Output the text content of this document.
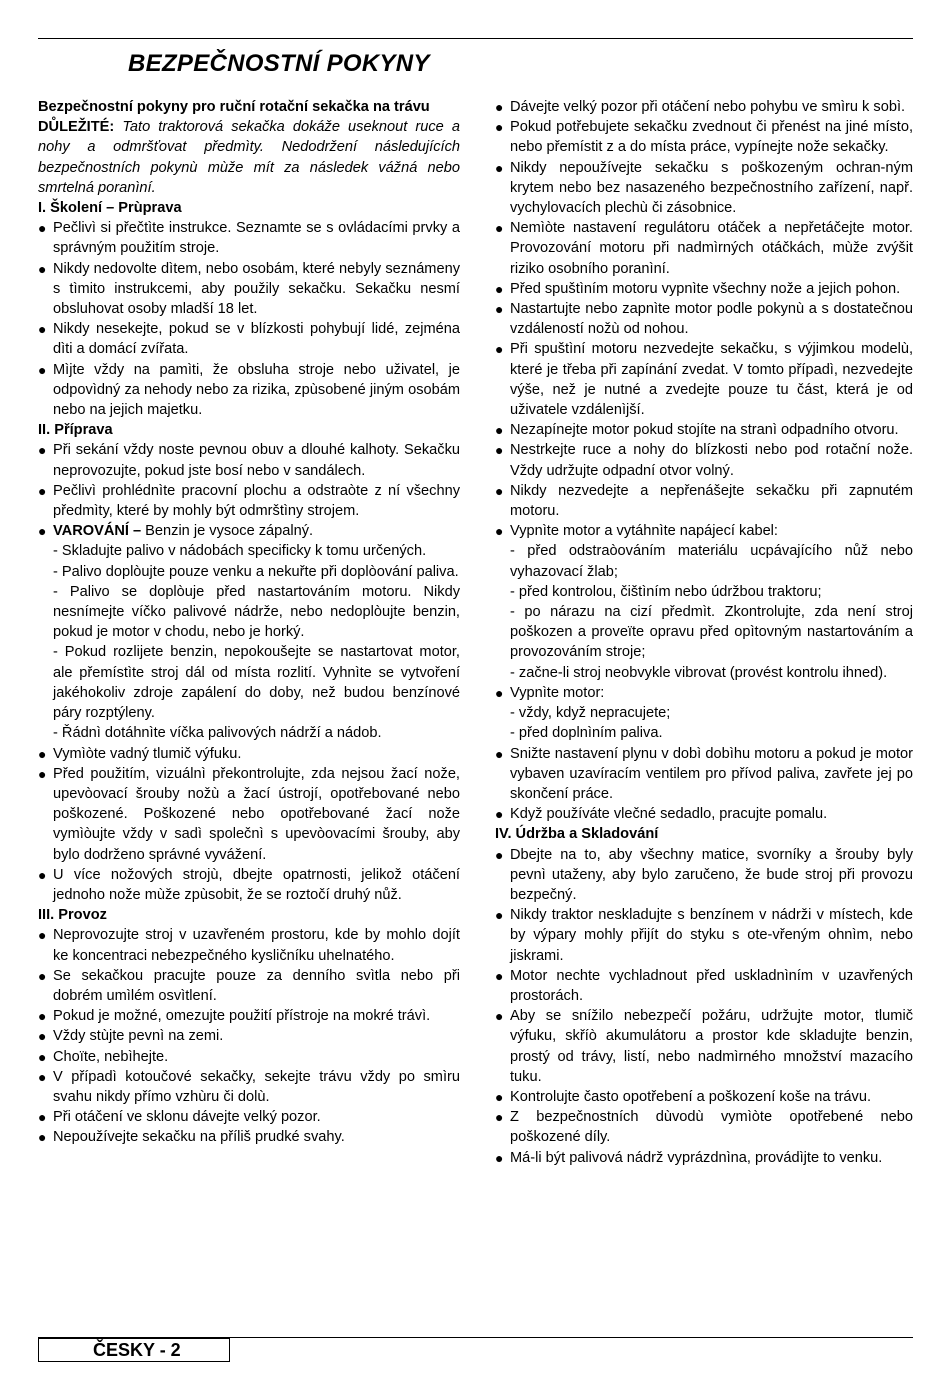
BEZPEČNOSTNÍ POKYNY

Bezpečnostní pokyny pro ruční rotační sekačka na trávu

DŮLEŽITÉ: Tato traktorová sekačka dokáže useknout ruce a nohy a odmršťovat předmìty. Nedodržení následujících bezpečnostních pokynù mùže mít za následek vážná nebo smrtelná poranìní.

I. Školení – Prùprava

● Pečlivì si přečtìte instrukce. Seznamte se s ovládacími prvky a správným použitím stroje.

● Nikdy nedovolte dìtem, nebo osobám, které nebyly seznámeny s tìmito instrukcemi, aby použily sekačku. Sekačku nesmí obsluhovat osoby mladší 18 let.

● Nikdy nesekejte, pokud se v blízkosti pohybují lidé, zejména dìti a domácí zvířata.

● Mìjte vždy na pamìti, že obsluha stroje nebo uživatel, je odpovìdný za nehody nebo za rizika, zpùsobené jiným osobám nebo na jejich majetku.

II. Příprava

● Při sekání vždy noste pevnou obuv a dlouhé kalhoty. Sekačku neprovozujte, pokud jste bosí nebo v sandálech.

● Pečlivì prohlédnìte pracovní plochu a odstraòte z ní všechny předmìty, které by mohly být odmrštìny strojem.

● VAROVÁNÍ – Benzin je vysoce zápalný.

- Skladujte palivo v nádobách specificky k tomu určených.

- Palivo doplòujte pouze venku a nekuřte při doplòování paliva.

- Palivo se doplòuje před nastartováním motoru. Nikdy nesnímejte víčko palivové nádrže, nebo nedoplòujte benzin, pokud je motor v chodu, nebo je horký.

- Pokud rozlijete benzin, nepokoušejte se nastartovat motor, ale přemístìte stroj dál od místa rozlití. Vyhnìte se vytvoření jakéhokoliv zdroje zapálení do doby, než budou benzínové páry rozptýleny.

- Řádnì dotáhnìte víčka palivových nádrží a nádob.

● Vymìòte vadný tlumič výfuku.

● Před použitím, vizuálnì překontrolujte, zda nejsou žací nože, upevòovací šrouby nožù a žací ústrojí, opotřebované nebo poškozené. Poškozené nebo opotřebované žací nože vymìòujte vždy v sadì společnì s upevòovacími šrouby, aby bylo dodrženo správné vyvážení.

● U více nožových strojù, dbejte opatrnosti, jelikož otáčení jednoho nože mùže zpùsobit, že se roztočí druhý nůž.

III. Provoz

● Neprovozujte stroj v uzavřeném prostoru, kde by mohlo dojít ke koncentraci nebezpečného kysličníku uhelnatého.

● Se sekačkou pracujte pouze za denního svìtla nebo při dobrém umìlém osvìtlení.

● Pokud je možné, omezujte použití přístroje na mokré trávì.

● Vždy stùjte pevnì na zemi.

● Choïte, nebìhejte.

● V případì kotoučové sekačky, sekejte trávu vždy po smìru svahu nikdy přímo vzhùru či dolù.

● Při otáčení ve sklonu dávejte velký pozor.

● Nepoužívejte sekačku na příliš prudké svahy.

● Dávejte velký pozor při otáčení nebo pohybu ve smìru k sobì.

● Pokud potřebujete sekačku zvednout či přenést na jiné místo, nebo přemístit z a do místa práce, vypínejte nože sekačky.

● Nikdy nepoužívejte sekačku s poškozeným ochran-ným krytem nebo bez nasazeného bezpečnostního zařízení, např. vychylovacích plechù či zásobnice.

● Nemìòte nastavení regulátoru otáček a nepřetáčejte motor. Provozování motoru při nadmìrných otáčkách, mùže zvýšit riziko osobního poranìní.

● Před spuštìním motoru vypnìte všechny nože a jejich pohon.

● Nastartujte nebo zapnìte motor podle pokynù a s dostatečnou vzdáleností nožù od nohou.

● Při spuštìní motoru nezvedejte sekačku, s výjimkou modelù, které je třeba při zapínání zvedat. V tomto případì, nezvedejte výše, než je nutné a zvedejte pouze tu část, která je od uživatele vzdálenìjší.

● Nezapínejte motor pokud stojíte na stranì odpadního otvoru.

● Nestrkejte ruce a nohy do blízkosti nebo pod rotační nože. Vždy udržujte odpadní otvor volný.

● Nikdy nezvedejte a nepřenášejte sekačku při zapnutém motoru.

● Vypnìte motor a vytáhnìte napájecí kabel:

- před odstraòováním materiálu ucpávajícího nůž nebo vyhazovací žlab;

- před kontrolou, čištìním nebo údržbou traktoru;

- po nárazu na cizí předmìt. Zkontrolujte, zda není stroj poškozen a proveïte opravu před opìtovným nastartováním a provozováním stroje;

- začne-li stroj neobvykle vibrovat (provést kontrolu ihned).

● Vypnìte motor:

- vždy, když nepracujete;

- před doplnìním paliva.

● Snižte nastavení plynu v dobì dobìhu motoru a pokud je motor vybaven uzavíracím ventilem pro přívod paliva, zavřete jej po skončení práce.

● Když používáte vlečné sedadlo, pracujte pomalu.

IV. Údržba a Skladování

● Dbejte na to, aby všechny matice, svorníky a šrouby byly pevnì utaženy, aby bylo zaručeno, že bude stroj při provozu bezpečný.

● Nikdy traktor neskladujte s benzínem v nádrži v místech, kde by výpary mohly přijít do styku s ote-vřeným ohnìm, nebo jiskrami.

● Motor nechte vychladnout před uskladnìním v uzavřených prostorách.

● Aby se snížilo nebezpečí požáru, udržujte motor, tlumič výfuku, skříò akumulátoru a prostor kde skladujte benzin, prostý od trávy, listí, nebo nadmìrného množství mazacího tuku.

● Kontrolujte často opotřebení a poškození koše na trávu.

● Z bezpečnostních dùvodù vymìòte opotřebené nebo poškozené díly.

● Má-li být palivová nádrž vyprázdnìna, provádìjte to venku.

ČESKY - 2
